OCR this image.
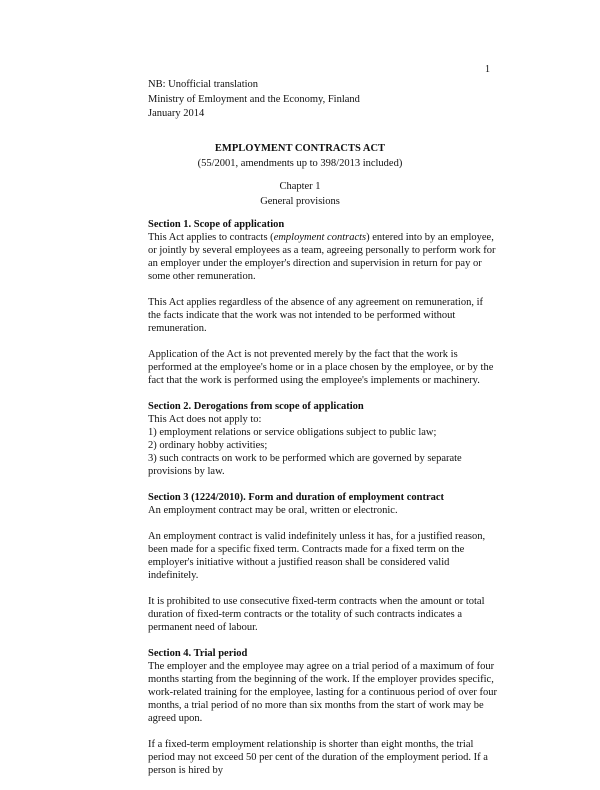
1
NB: Unofficial translation
Ministry of Emloyment and the Economy, Finland
January 2014
EMPLOYMENT CONTRACTS ACT
(55/2001, amendments up to 398/2013 included)
Chapter 1
General provisions
Section 1. Scope of application

This Act applies to contracts (employment contracts) entered into by an employee, or jointly by several employees as a team, agreeing personally to perform work for an employer under the employer's direction and supervision in return for pay or some other remuneration.

This Act applies regardless of the absence of any agreement on remuneration, if the facts indicate that the work was not intended to be performed without remuneration.

Application of the Act is not prevented merely by the fact that the work is performed at the employee's home or in a place chosen by the employee, or by the fact that the work is performed using the employee's implements or machinery.

Section 2. Derogations from scope of application
This Act does not apply to:
1) employment relations or service obligations subject to public law;
2) ordinary hobby activities;
3) such contracts on work to be performed which are governed by separate provisions by law.
Section 3 (1224/2010). Form and duration of employment contract

An employment contract may be oral, written or electronic.

An employment contract is valid indefinitely unless it has, for a justified reason, been made for a specific fixed term. Contracts made for a fixed term on the employer's initiative without a justified reason shall be considered valid indefinitely.

It is prohibited to use consecutive fixed-term contracts when the amount or total duration of fixed-term contracts or the totality of such contracts indicates a permanent need of labour.

Section 4. Trial period

The employer and the employee may agree on a trial period of a maximum of four months starting from the beginning of the work. If the employer provides specific, work-related training for the employee, lasting for a continuous period of over four months, a trial period of no more than six months from the start of work may be agreed upon.

If a fixed-term employment relationship is shorter than eight months, the trial period may not exceed 50 per cent of the duration of the employment period. If a person is hired by
